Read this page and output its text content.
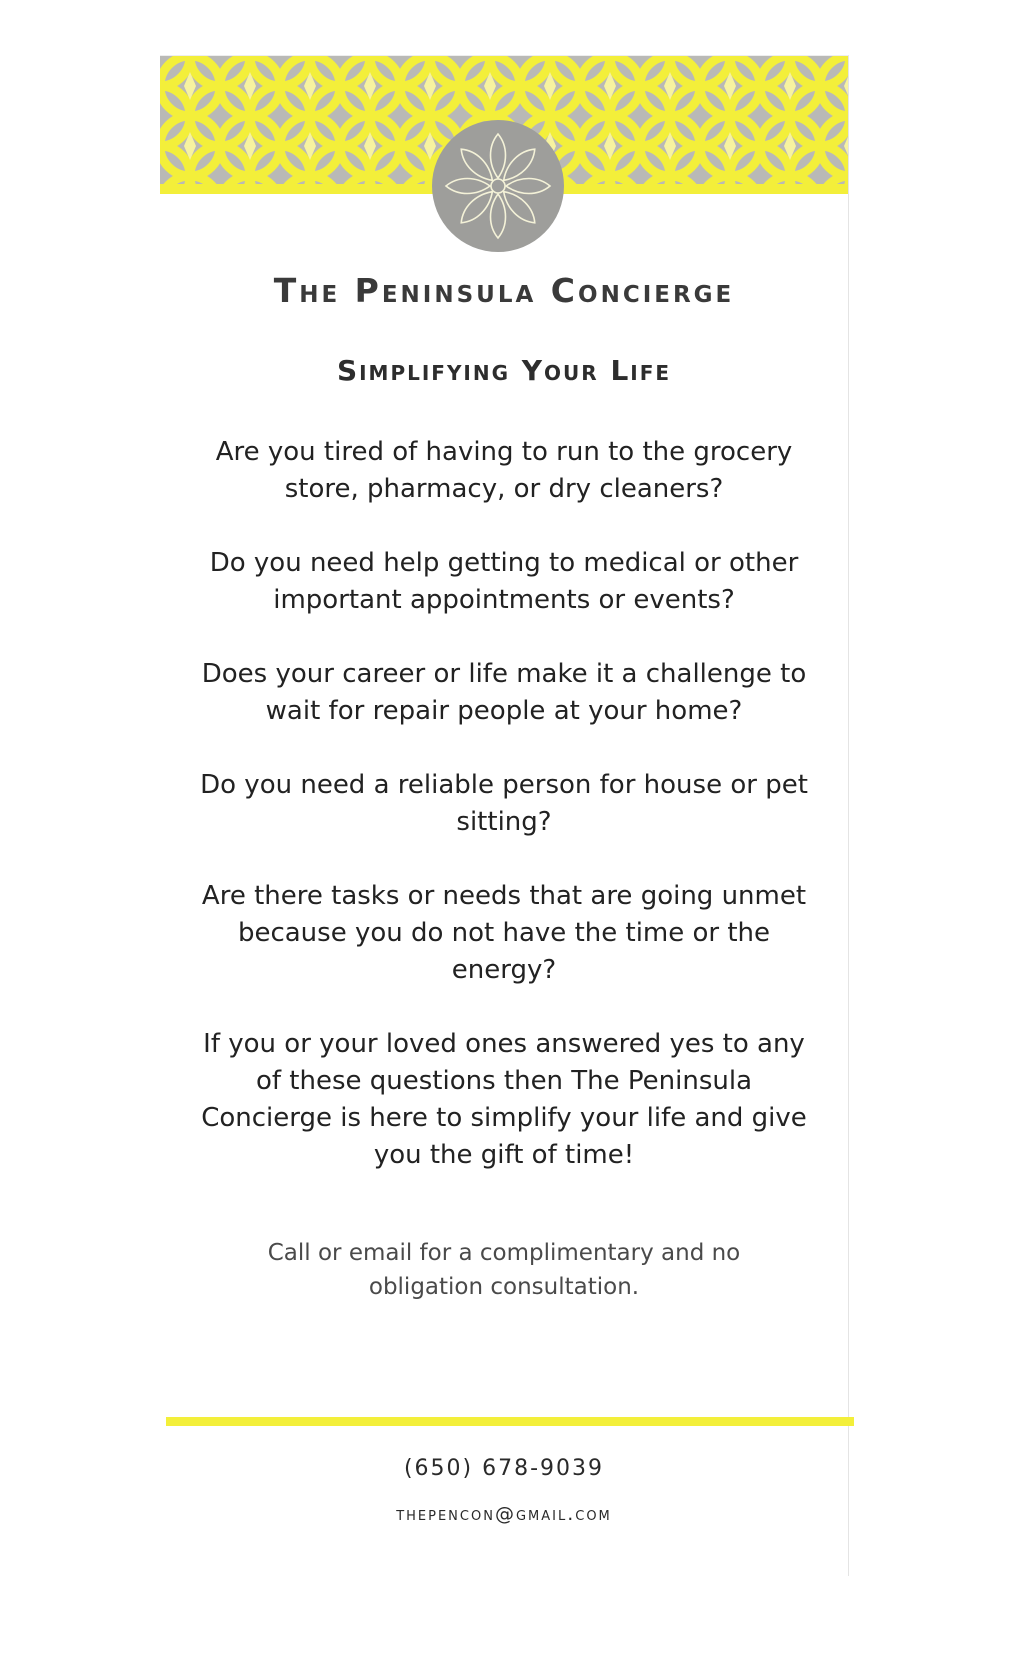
The Peninsula Concierge
Simplifying Your Life

Are you tired of having to run to the grocery store, pharmacy, or dry cleaners?

Do you need help getting to medical or other important appointments or events?

Does your career or life make it a challenge to wait for repair people at your home?

Do you need a reliable person for house or pet sitting?

Are there tasks or needs that are going unmet because you do not have the time or the energy?

If you or your loved ones answered yes to any of these questions then The Peninsula Concierge is here to simplify your life and give you the gift of time!

Call or email for a complimentary and no obligation consultation.
(650) 678-9039
thepencon@gmail.com
